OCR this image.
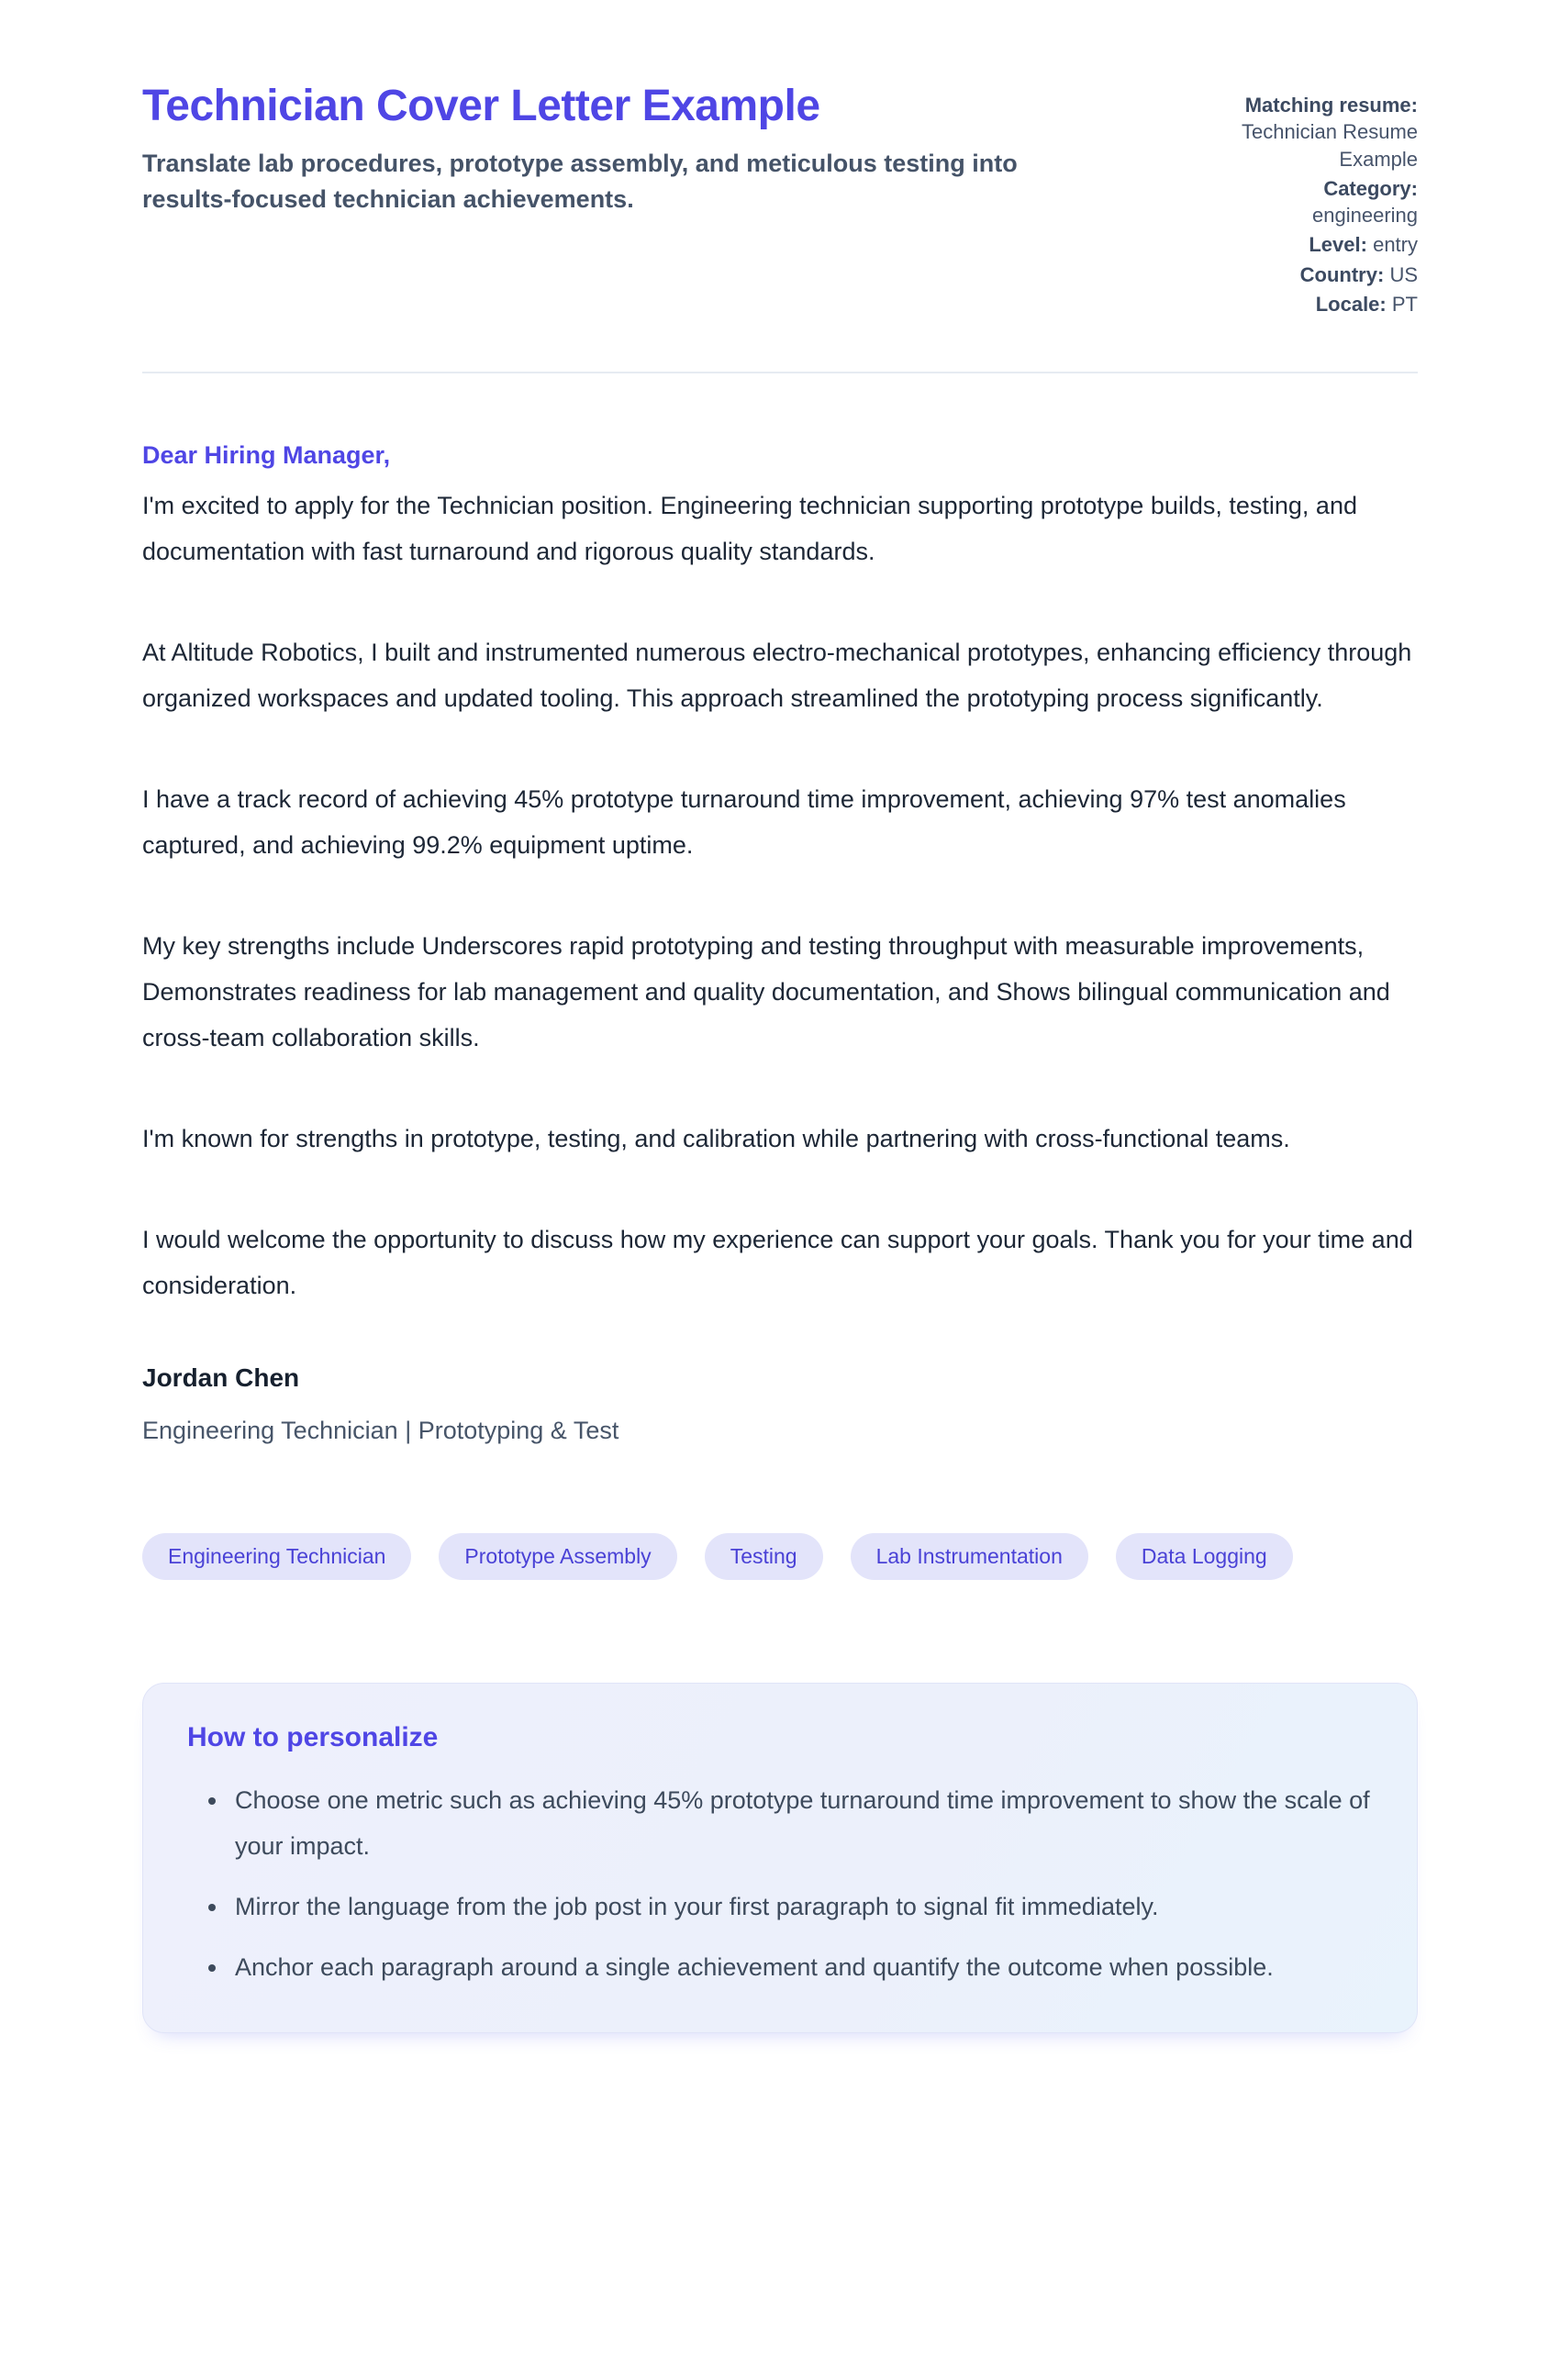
Technician Cover Letter Example

Translate lab procedures, prototype assembly, and meticulous testing into results-focused technician achievements.

Matching resume:
Technician Resume Example
Category:
engineering
Level: entry
Country: US
Locale: PT

Dear Hiring Manager,

I'm excited to apply for the Technician position. Engineering technician supporting prototype builds, testing, and documentation with fast turnaround and rigorous quality standards.

At Altitude Robotics, I built and instrumented numerous electro-mechanical prototypes, enhancing efficiency through organized workspaces and updated tooling. This approach streamlined the prototyping process significantly.

I have a track record of achieving 45% prototype turnaround time improvement, achieving 97% test anomalies captured, and achieving 99.2% equipment uptime.

My key strengths include Underscores rapid prototyping and testing throughput with measurable improvements, Demonstrates readiness for lab management and quality documentation, and Shows bilingual communication and cross-team collaboration skills.

I'm known for strengths in prototype, testing, and calibration while partnering with cross-functional teams.

I would welcome the opportunity to discuss how my experience can support your goals. Thank you for your time and consideration.

Jordan Chen

Engineering Technician | Prototyping & Test

Engineering Technician	Prototype Assembly	Testing	Lab Instrumentation	Data Logging
How to personalize
• Choose one metric such as achieving 45% prototype turnaround time improvement to show the scale of your impact.
• Mirror the language from the job post in your first paragraph to signal fit immediately.
• Anchor each paragraph around a single achievement and quantify the outcome when possible.
